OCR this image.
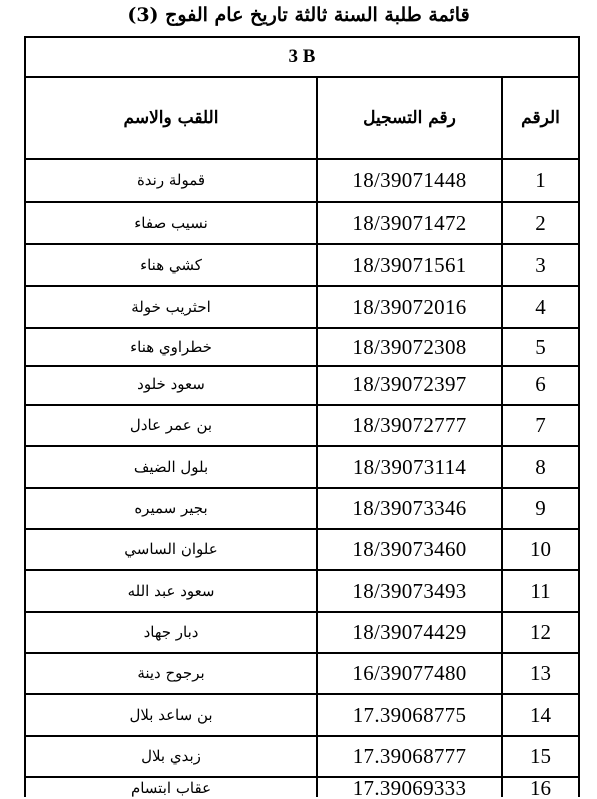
قائمة طلبة السنة ثالثة تاريخ عام الفوج (3)
3 B
اللقب والاسم	رقم التسجيل	الرقم
قمولة رندة	18/39071448	1
نسيب صفاء	18/39071472	2
كشي هناء	18/39071561	3
احثريب خولة	18/39072016	4
خطراوي هناء	18/39072308	5
سعود خلود	18/39072397	6
بن عمر عادل	18/39072777	7
بلول الضيف	18/39073114	8
بجير سميره	18/39073346	9
علوان الساسي	18/39073460	10
سعود عبد الله	18/39073493	11
دبار جهاد	18/39074429	12
برجوح دينة	16/39077480	13
بن ساعد بلال	17.39068775	14
زبدي بلال	17.39068777	15
عقاب ابتسام	17.39069333	16
